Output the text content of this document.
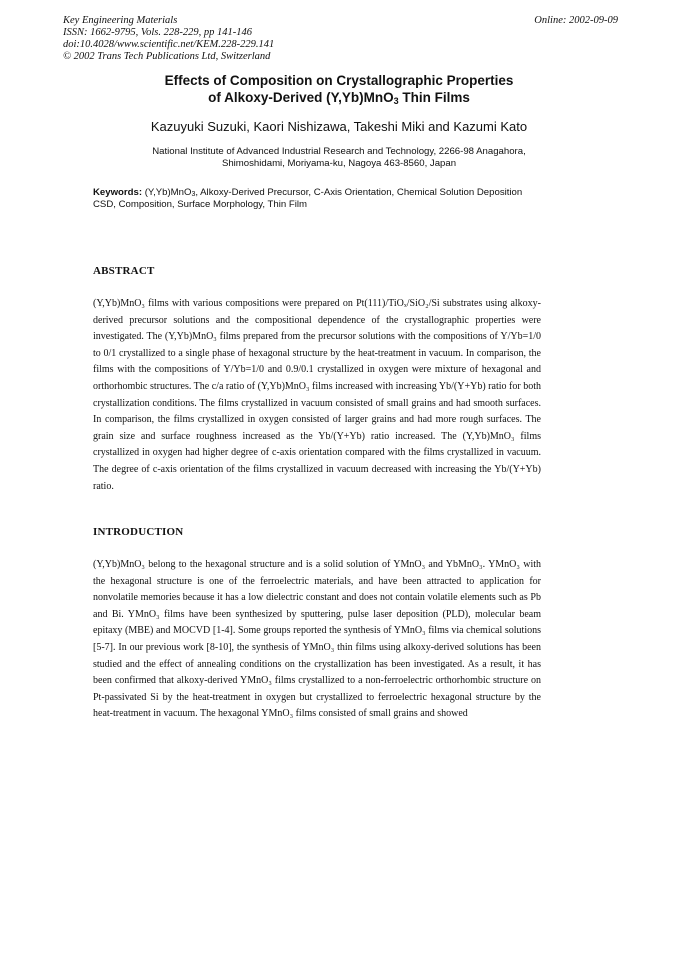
Key Engineering Materials
ISSN: 1662-9795, Vols. 228-229, pp 141-146
doi:10.4028/www.scientific.net/KEM.228-229.141
© 2002 Trans Tech Publications Ltd, Switzerland
Online: 2002-09-09
Effects of Composition on Crystallographic Properties
of Alkoxy-Derived (Y,Yb)MnO$_3$ Thin Films
Kazuyuki Suzuki, Kaori Nishizawa, Takeshi Miki and Kazumi Kato
National Institute of Advanced Industrial Research and Technology, 2266-98 Anagahora,
Shimoshidami, Moriyama-ku, Nagoya 463-8560, Japan
Keywords: (Y,Yb)MnO$_3$, Alkoxy-Derived Precursor, C-Axis Orientation, Chemical Solution Deposition CSD, Composition, Surface Morphology, Thin Film
ABSTRACT
(Y,Yb)MnO₃ films with various compositions were prepared on Pt(111)/TiOₓ/SiO₂/Si substrates using alkoxy-derived precursor solutions and the compositional dependence of the crystallographic properties were investigated. The (Y,Yb)MnO₃ films prepared from the precursor solutions with the compositions of Y/Yb=1/0 to 0/1 crystallized to a single phase of hexagonal structure by the heat-treatment in vacuum. In comparison, the films with the compositions of Y/Yb=1/0 and 0.9/0.1 crystallized in oxygen were mixture of hexagonal and orthorhombic structures. The c/a ratio of (Y,Yb)MnO₃ films increased with increasing Yb/(Y+Yb) ratio for both crystallization conditions. The films crystallized in vacuum consisted of small grains and had smooth surfaces. In comparison, the films crystallized in oxygen consisted of larger grains and had more rough surfaces. The grain size and surface roughness increased as the Yb/(Y+Yb) ratio increased. The (Y,Yb)MnO₃ films crystallized in oxygen had higher degree of c-axis orientation compared with the films crystallized in vacuum. The degree of c-axis orientation of the films crystallized in vacuum decreased with increasing the Yb/(Y+Yb) ratio.
INTRODUCTION
(Y,Yb)MnO₃ belong to the hexagonal structure and is a solid solution of YMnO₃ and YbMnO₃. YMnO₃ with the hexagonal structure is one of the ferroelectric materials, and have been attracted to application for nonvolatile memories because it has a low dielectric constant and does not contain volatile elements such as Pb and Bi. YMnO₃ films have been synthesized by sputtering, pulse laser deposition (PLD), molecular beam epitaxy (MBE) and MOCVD [1-4]. Some groups reported the synthesis of YMnO₃ films via chemical solutions [5-7]. In our previous work [8-10], the synthesis of YMnO₃ thin films using alkoxy-derived solutions has been studied and the effect of annealing conditions on the crystallization has been investigated. As a result, it has been confirmed that alkoxy-derived YMnO₃ films crystallized to a non-ferroelectric orthorhombic structure on Pt-passivated Si by the heat-treatment in oxygen but crystallized to ferroelectric hexagonal structure by the heat-treatment in vacuum. The hexagonal YMnO₃ films consisted of small grains and showed
